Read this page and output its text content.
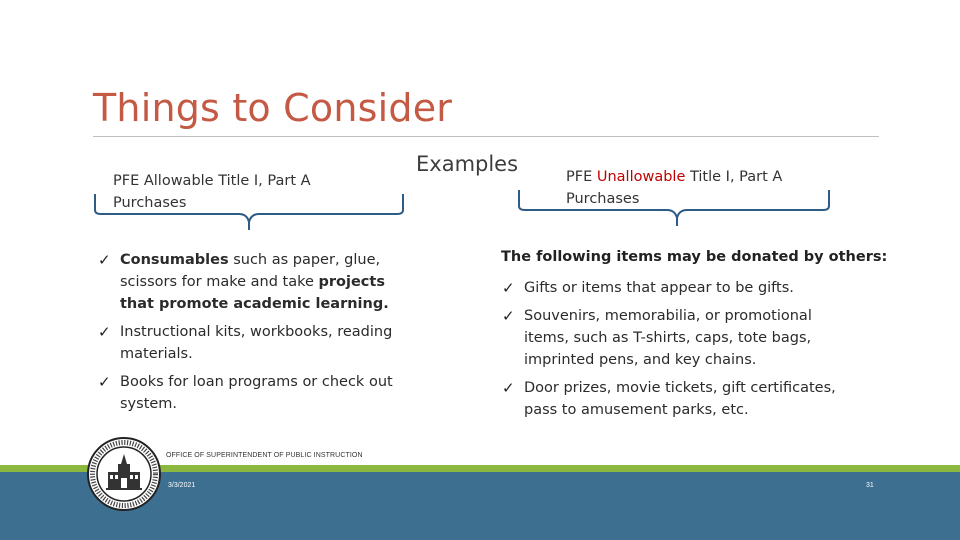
Things to Consider
Examples
PFE Allowable Title I, Part A
Purchases
PFE Unallowable Title I, Part A
Purchases
✓ Consumables such as paper, glue, scissors for make and take projects that promote academic learning.
✓ Instructional kits, workbooks, reading materials.
✓ Books for loan programs or check out system.
The following items may be donated by others:
✓ Gifts or items that appear to be gifts.
✓ Souvenirs, memorabilia, or promotional items, such as T-shirts, caps, tote bags, imprinted pens, and key chains.
✓ Door prizes, movie tickets, gift certificates, pass to amusement parks, etc.
OFFICE OF SUPERINTENDENT OF PUBLIC INSTRUCTION
3/3/2021	31
